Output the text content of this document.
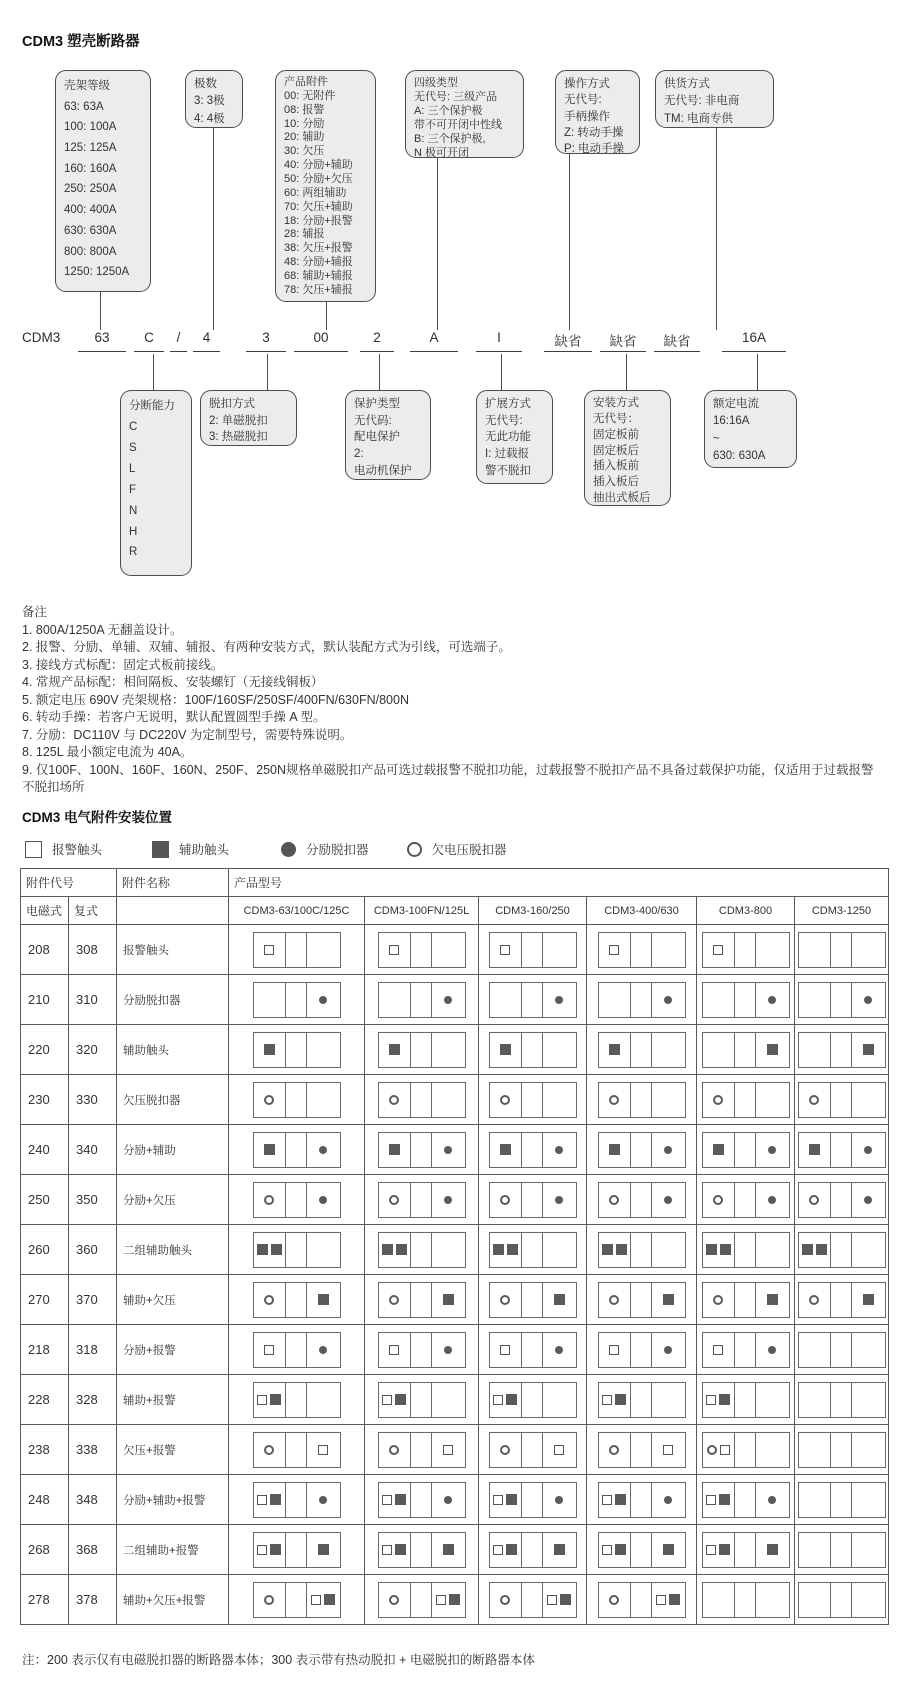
CDM3 塑壳断路器
壳架等级
63: 63A
100: 100A
125: 125A
160: 160A
250: 250A
400: 400A
630: 630A
800: 800A
1250: 1250A
极数
3: 3极
4: 4极
产品附件
00: 无附件
08: 报警
10: 分励
20: 辅助
30: 欠压
40: 分励+辅助
50: 分励+欠压
60: 两组辅助
70: 欠压+辅助
18: 分励+报警
28: 辅报
38: 欠压+报警
48: 分励+辅报
68: 辅助+辅报
78: 欠压+辅报
四级类型
无代号: 三级产品
A: 三个保护极
带不可开闭中性线
B: 三个保护极,
N 极可开闭
操作方式
无代号:
手柄操作
Z: 转动手操
P: 电动手操
供货方式
无代号: 非电商
TM: 电商专供
分断能力
C
S
L
F
N
H
R
脱扣方式
2: 单磁脱扣
3: 热磁脱扣
保护类型
无代码:
配电保护
2:
电动机保护
扩展方式
无代号:
无此功能
I: 过载报
警不脱扣
安装方式
无代号：
固定板前
固定板后
插入板前
插入板后
抽出式板后
额定电流
16:16A
~
630: 630A
CDM3	63	C	/	4	3	00	2	A	I	缺省	缺省	缺省	16A
备注
1. 800A/1250A 无翻盖设计。
2. 报警、分励、单辅、双辅、辅报、有两种安装方式，默认装配方式为引线，可选端子。
3. 接线方式标配：固定式板前接线。
4. 常规产品标配：相间隔板、安装螺钉（无接线铜板）
5. 额定电压 690V 壳架规格：100F/160SF/250SF/400FN/630FN/800N
6. 转动手操：若客户无说明，默认配置圆型手操 A 型。
7. 分励：DC110V 与 DC220V 为定制型号，需要特殊说明。
8. 125L 最小额定电流为 40A。
9. 仅100F、100N、160F、160N、250F、250N规格单磁脱扣产品可选过载报警不脱扣功能，过载报警不脱扣产品不具备过载保护功能，仅适用于过载报警不脱扣场所
CDM3 电气附件安装位置
报警触头	辅助触头	分励脱扣器	欠电压脱扣器
附件代号		附件名称	产品型号					
电磁式	复式		CDM3-63/100C/125C	CDM3-100FN/125L	CDM3-160/250	CDM3-400/630	CDM3-800	CDM3-1250
208	308	报警触头	

210	310	分励脱扣器	

220	320	辅助触头	

230	330	欠压脱扣器	

240	340	分励+辅助	

250	350	分励+欠压	

260	360	二组辅助触头	

270	370	辅助+欠压	

218	318	分励+报警	

228	328	辅助+报警	

238	338	欠压+报警	

248	348	分励+辅助+报警	

268	368	二组辅助+报警	

278	378	辅助+欠压+报警	

注：200 表示仅有电磁脱扣器的断路器本体；300 表示带有热动脱扣 + 电磁脱扣的断路器本体
